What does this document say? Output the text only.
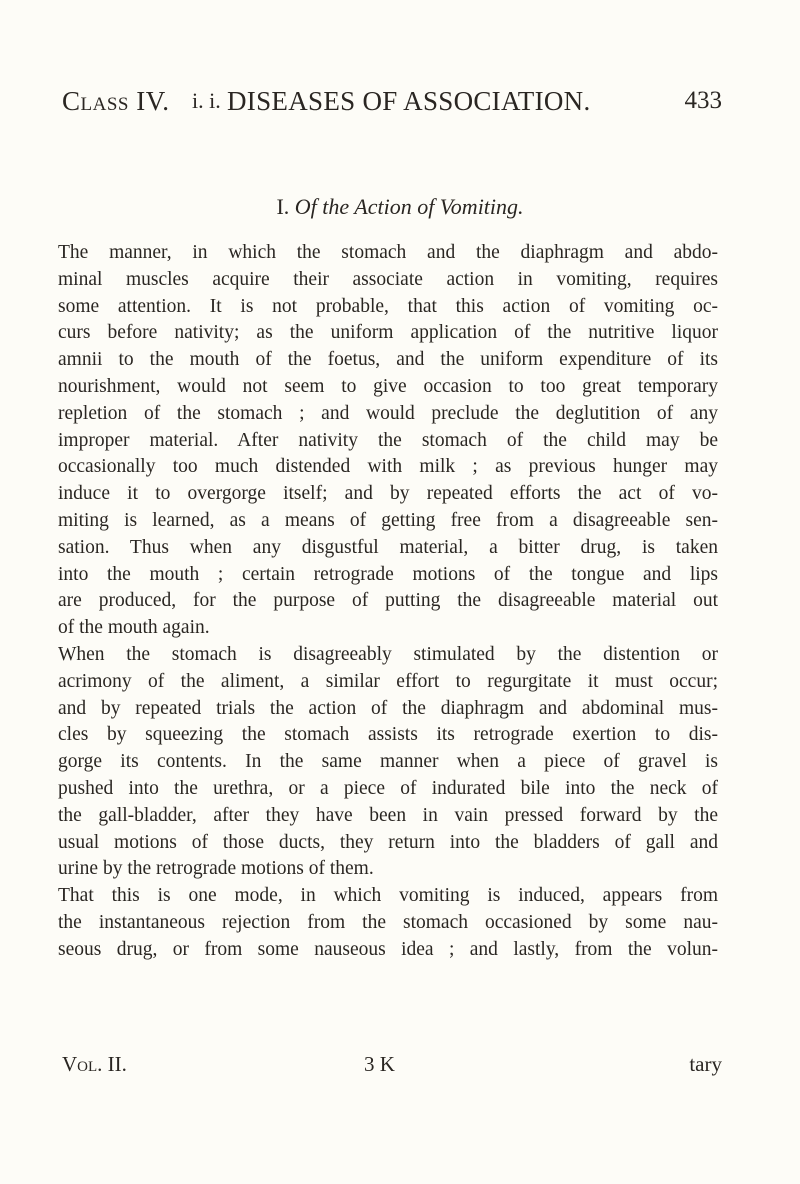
Class IV. i. i. DISEASES OF ASSOCIATION.	433
I. Of the Action of Vomiting.
The manner, in which the stomach and the diaphragm and abdo-
minal muscles acquire their associate action in vomiting, requires
some attention. It is not probable, that this action of vomiting oc-
curs before nativity; as the uniform application of the nutritive liquor
amnii to the mouth of the foetus, and the uniform expenditure of its
nourishment, would not seem to give occasion to too great temporary
repletion of the stomach ; and would preclude the deglutition of any
improper material. After nativity the stomach of the child may be
occasionally too much distended with milk ; as previous hunger may
induce it to overgorge itself; and by repeated efforts the act of vo-
miting is learned, as a means of getting free from a disagreeable sen-
sation. Thus when any disgustful material, a bitter drug, is taken
into the mouth ; certain retrograde motions of the tongue and lips
are produced, for the purpose of putting the disagreeable material out
of the mouth again.
When the stomach is disagreeably stimulated by the distention or
acrimony of the aliment, a similar effort to regurgitate it must occur;
and by repeated trials the action of the diaphragm and abdominal mus-
cles by squeezing the stomach assists its retrograde exertion to dis-
gorge its contents. In the same manner when a piece of gravel is
pushed into the urethra, or a piece of indurated bile into the neck of
the gall-bladder, after they have been in vain pressed forward by the
usual motions of those ducts, they return into the bladders of gall and
urine by the retrograde motions of them.
That this is one mode, in which vomiting is induced, appears from
the instantaneous rejection from the stomach occasioned by some nau-
seous drug, or from some nauseous idea ; and lastly, from the volun-
Vol. II.	3 K	tary
